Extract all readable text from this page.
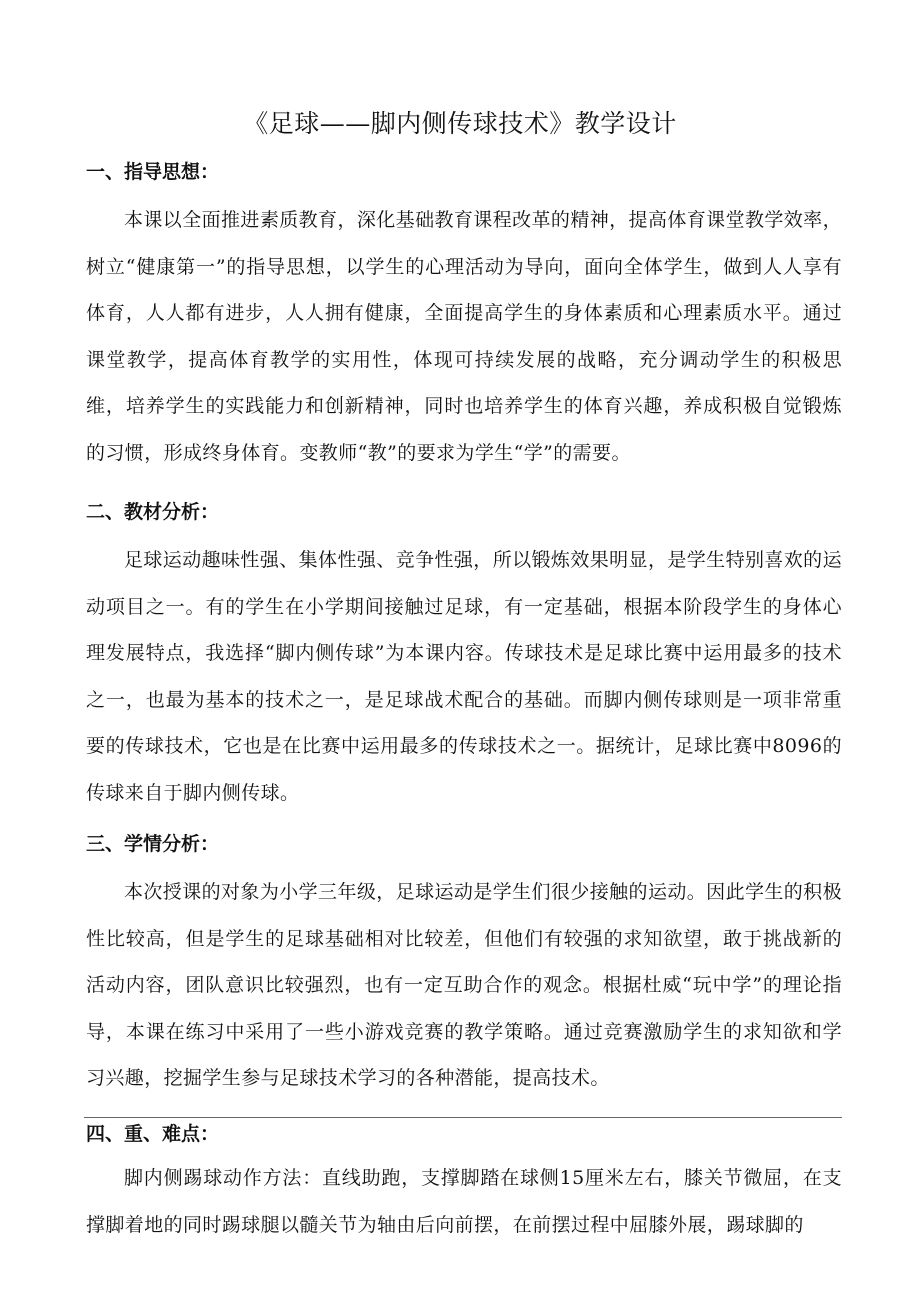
《足球——脚内侧传球技术》教学设计
一、指导思想：

本课以全面推进素质教育，深化基础教育课程改革的精神，提高体育课堂教学效率，树立“健康第一”的指导思想，以学生的心理活动为导向，面向全体学生，做到人人享有体育，人人都有进步，人人拥有健康，全面提高学生的身体素质和心理素质水平。通过课堂教学，提高体育教学的实用性，体现可持续发展的战略，充分调动学生的积极思维，培养学生的实践能力和创新精神，同时也培养学生的体育兴趣，养成积极自觉锻炼的习惯，形成终身体育。变教师“教”的要求为学生“学”的需要。

二、教材分析：

足球运动趣味性强、集体性强、竞争性强，所以锻炼效果明显，是学生特别喜欢的运动项目之一。有的学生在小学期间接触过足球，有一定基础，根据本阶段学生的身体心理发展特点，我选择“脚内侧传球”为本课内容。传球技术是足球比赛中运用最多的技术之一，也最为基本的技术之一，是足球战术配合的基础。而脚内侧传球则是一项非常重要的传球技术，它也是在比赛中运用最多的传球技术之一。据统计，足球比赛中8096的传球来自于脚内侧传球。

三、学情分析：

本次授课的对象为小学三年级，足球运动是学生们很少接触的运动。因此学生的积极性比较高，但是学生的足球基础相对比较差，但他们有较强的求知欲望，敢于挑战新的活动内容，团队意识比较强烈，也有一定互助合作的观念。根据杜威“玩中学”的理论指导，本课在练习中采用了一些小游戏竞赛的教学策略。通过竞赛激励学生的求知欲和学习兴趣，挖掘学生参与足球技术学习的各种潜能，提高技术。

四、重、难点：

脚内侧踢球动作方法：直线助跑，支撑脚踏在球侧15厘米左右，膝关节微屈，在支撑脚着地的同时踢球腿以髓关节为轴由后向前摆，在前摆过程中屈膝外展，踢球脚的
